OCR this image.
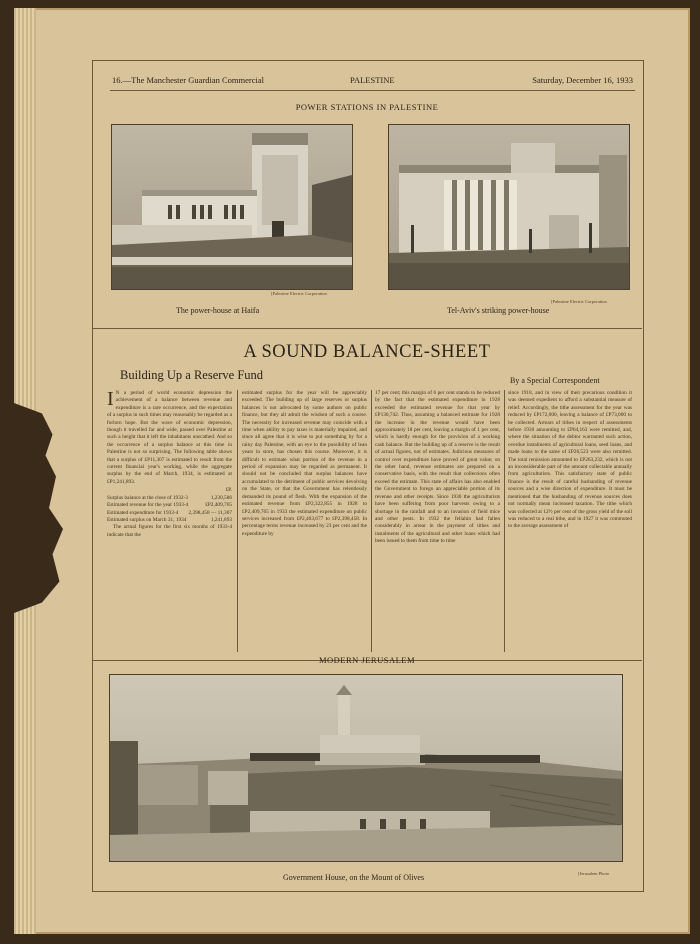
16.—The Manchester Guardian Commercial	PALESTINE	Saturday, December 16, 1933
POWER STATIONS IN PALESTINE
[Palestine Electric Corporation
The power-house at Haifa
[Palestine Electric Corporation
Tel-Aviv's striking power-house
A SOUND BALANCE-SHEET
Building Up a Reserve Fund	By a Special Correspondent
I N a period of world economic depression the achievement of a balance between revenue and expenditure is a rare occurrence, and the expectation of a surplus in such times may reasonably be regarded as a forlorn hope. But the wave of economic depression, though it travelled far and wide, passed over Palestine at such a height that it left the inhabitants unscathed. And so the occurrence of a surplus balance at this time in Palestine is not so surprising. The following table shows that a surplus of £P11,307 is estimated to result from the current financial year's working, while the aggregate surplus by the end of March, 1934, is estimated at £P1,241,893.

£P.
Surplus balance at the close of 1932-3	1,230,586
Estimated revenue for the year 1933-4	£P2,409,765
Estimated expenditure for 1933-4 2,398,458 — 11,307
Estimated surplus on March 31, 1934	1,241,893

The actual figures for the first six months of 1933-4 indicate that the

estimated surplus for the year will be appreciably exceeded. The building up of large reserves or surplus balances is not advocated by some authors on public finance, but they all admit the wisdom of such a course. The necessity for increased revenue may coincide with a time when ability to pay taxes is materially impaired, and since all agree that it is wise to put something by for a rainy day Palestine, with an eye to the possibility of lean years in store, has chosen this course. Moreover, it is difficult to estimate what portion of the revenue in a period of expansion may be regarded as permanent. It should not be concluded that surplus balances have accumulated to the detriment of public services devolving on the State, or that the Government has relentlessly demanded its pound of flesh. With the expansion of the estimated revenue from £P2,322,855 in 1928 to £P2,409,765 in 1933 the estimated expenditure on public services increased from £P2,463,677 to £P2,398,458. In percentage terms revenue increased by 23 per cent and the expenditure by

17 per cent; this margin of 6 per cent stands to be reduced by the fact that the estimated expenditure in 1928 exceeded the estimated revenue for that year by £P130,742. Thus, assuming a balanced estimate for 1928 the increase in the revenue would have been approximately 18 per cent, leaving a margin of 1 per cent, which is hardly enough for the provision of a working cash balance. But the building up of a reserve is the result of actual figures, not of estimates. Judicious measures of control over expenditure have proved of great value; on the other hand, revenue estimates are prepared on a conservative basis, with the result that collections often exceed the estimate. This state of affairs has also enabled the Government to forego an appreciable portion of its revenue and other receipts. Since 1930 the agriculturists have been suffering from poor harvests owing to a shortage in the rainfall and to an invasion of field mice and other pests. In 1932 the fellahin had fallen considerably in arrear in the payment of tithes and instalments of the agricultural and other loans which had been issued to them from time to time

since 1918, and in view of their precarious condition it was deemed expedient to afford a substantial measure of relief. Accordingly, the tithe assessment for the year was reduced by £P172,000, leaving a balance of £P73,000 to be collected. Arrears of tithes in respect of assessments before 1930 amounting to £P64,163 were remitted, and, where the situation of the debtor warranted such action, overdue instalments of agricultural loans, seed loans, and made loans to the same of £P26,523 were also remitted. The total remission amounted to £P263,232, which is not an inconsiderable part of the amount collectable annually from agriculturists. This satisfactory state of public finance is the result of careful husbanding of revenue sources and a wise direction of expenditure. It must be mentioned that the husbanding of revenue sources does not normally mean increased taxation. The tithe which was collected at 12½ per cent of the gross yield of the soil was reduced to a real tithe, and in 1927 it was commuted to the average assessment of

MODERN JERUSALEM
[Jerusalem Photo
Government House, on the Mount of Olives
